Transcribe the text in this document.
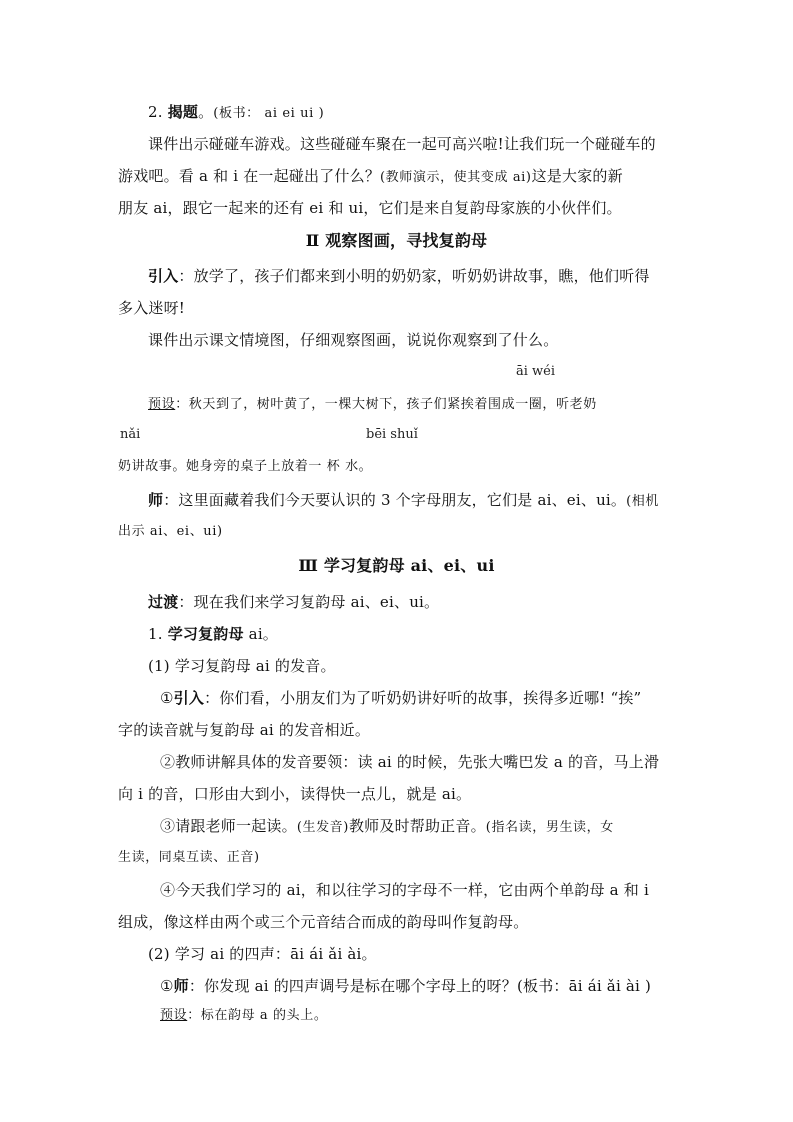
2. 揭题。(板书： ai ei ui )
课件出示碰碰车游戏。这些碰碰车聚在一起可高兴啦!让我们玩一个碰碰车的
游戏吧。看 a 和 i 在一起碰出了什么？(教师演示，使其变成 ai)这是大家的新
朋友 ai，跟它一起来的还有 ei 和 ui，它们是来自复韵母家族的小伙伴们。
Ⅱ 观察图画，寻找复韵母
引入：放学了，孩子们都来到小明的奶奶家，听奶奶讲故事，瞧，他们听得
多入迷呀!
课件出示课文情境图，仔细观察图画，说说你观察到了什么。
āi wéi
预设：秋天到了，树叶黄了，一棵大树下，孩子们紧挨着围成一圈，听老奶
nǎi	bēi shuǐ
奶讲故事。她身旁的桌子上放着一 杯 水。
师：这里面藏着我们今天要认识的 3 个字母朋友，它们是 ai、ei、ui。(相机
出示 ai、ei、ui)
Ⅲ 学习复韵母 ai、ei、ui
过渡：现在我们来学习复韵母 ai、ei、ui。
1. 学习复韵母 ai。
(1) 学习复韵母 ai 的发音。
①引入：你们看，小朋友们为了听奶奶讲好听的故事，挨得多近哪! “挨”
字的读音就与复韵母 ai 的发音相近。
②教师讲解具体的发音要领：读 ai 的时候，先张大嘴巴发 a 的音，马上滑
向 i 的音，口形由大到小，读得快一点儿，就是 ai。
③请跟老师一起读。(生发音)教师及时帮助正音。(指名读，男生读，女
生读，同桌互读、正音)
④今天我们学习的 ai，和以往学习的字母不一样，它由两个单韵母 a 和 i
组成，像这样由两个或三个元音结合而成的韵母叫作复韵母。
(2) 学习 ai 的四声：āi ái ǎi ài。
①师：你发现 ai 的四声调号是标在哪个字母上的呀？(板书：āi ái ǎi ài )
预设：标在韵母 a 的头上。
